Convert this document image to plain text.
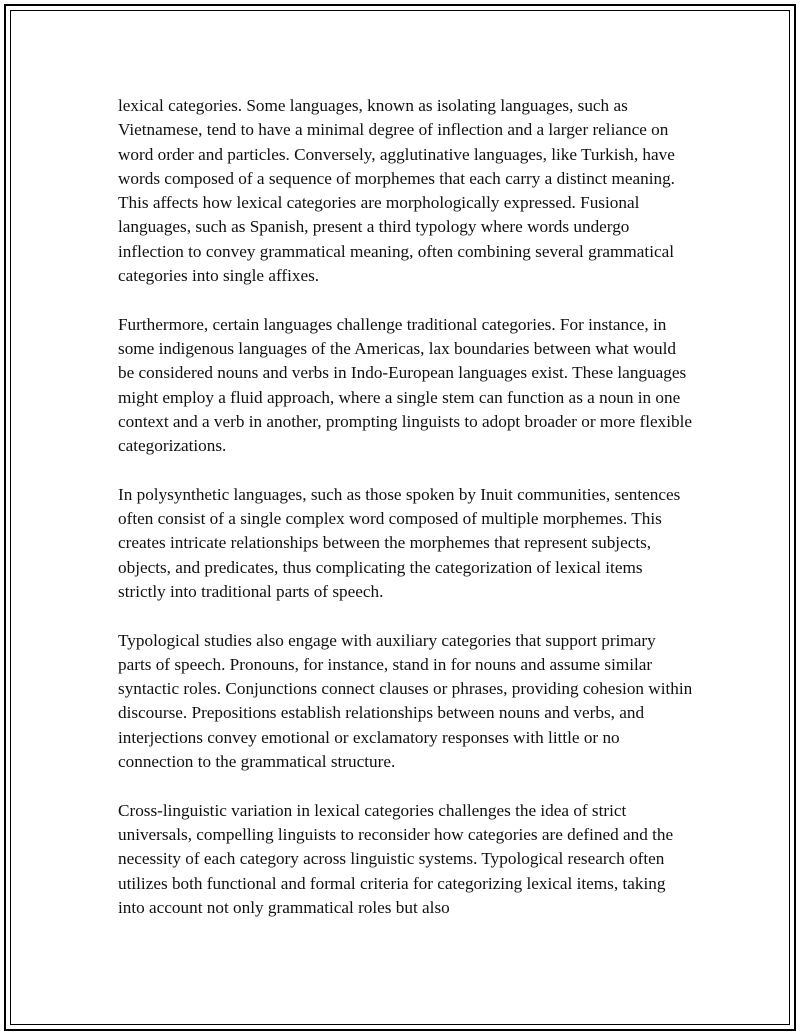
lexical categories. Some languages, known as isolating languages, such as Vietnamese, tend to have a minimal degree of inflection and a larger reliance on word order and particles. Conversely, agglutinative languages, like Turkish, have words composed of a sequence of morphemes that each carry a distinct meaning. This affects how lexical categories are morphologically expressed. Fusional languages, such as Spanish, present a third typology where words undergo inflection to convey grammatical meaning, often combining several grammatical categories into single affixes.

Furthermore, certain languages challenge traditional categories. For instance, in some indigenous languages of the Americas, lax boundaries between what would be considered nouns and verbs in Indo-European languages exist. These languages might employ a fluid approach, where a single stem can function as a noun in one context and a verb in another, prompting linguists to adopt broader or more flexible categorizations.

In polysynthetic languages, such as those spoken by Inuit communities, sentences often consist of a single complex word composed of multiple morphemes. This creates intricate relationships between the morphemes that represent subjects, objects, and predicates, thus complicating the categorization of lexical items strictly into traditional parts of speech.

Typological studies also engage with auxiliary categories that support primary parts of speech. Pronouns, for instance, stand in for nouns and assume similar syntactic roles. Conjunctions connect clauses or phrases, providing cohesion within discourse. Prepositions establish relationships between nouns and verbs, and interjections convey emotional or exclamatory responses with little or no connection to the grammatical structure.

Cross-linguistic variation in lexical categories challenges the idea of strict universals, compelling linguists to reconsider how categories are defined and the necessity of each category across linguistic systems. Typological research often utilizes both functional and formal criteria for categorizing lexical items, taking into account not only grammatical roles but also
